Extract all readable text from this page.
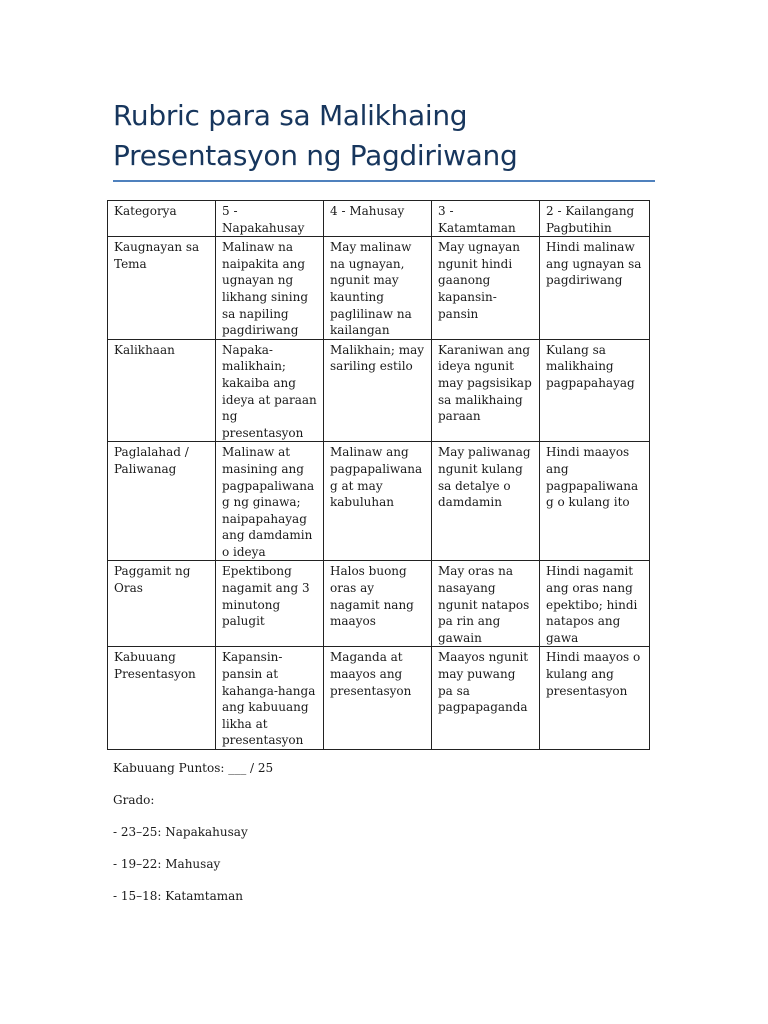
Rubric para sa Malikhaing Presentasyon ng Pagdiriwang
Kategorya	5 - Napakahusay	4 - Mahusay	3 - Katamtaman	2 - Kailangang Pagbutihin
Kaugnayan sa Tema	Malinaw na naipakita ang ugnayan ng likhang sining sa napiling pagdiriwang	May malinaw na ugnayan, ngunit may kaunting paglilinaw na kailangan	May ugnayan ngunit hindi gaanong kapansin-pansin	Hindi malinaw ang ugnayan sa pagdiriwang
Kalikhaan	Napaka-malikhain; kakaiba ang ideya at paraan ng presentasyon	Malikhain; may sariling estilo	Karaniwan ang ideya ngunit may pagsisikap sa malikhaing paraan	Kulang sa malikhaing pagpapahayag
Paglalahad / Paliwanag	Malinaw at masining ang pagpapaliwanag ng ginawa; naipapahayag ang damdamin o ideya	Malinaw ang pagpapaliwanag at may kabuluhan	May paliwanag ngunit kulang sa detalye o damdamin	Hindi maayos ang pagpapaliwanag o kulang ito
Paggamit ng Oras	Epektibong nagamit ang 3 minutong palugit	Halos buong oras ay nagamit nang maayos	May oras na nasayang ngunit natapos pa rin ang gawain	Hindi nagamit ang oras nang epektibo; hindi natapos ang gawa
Kabuuang Presentasyon	Kapansin-pansin at kahanga-hanga ang kabuuang likha at presentasyon	Maganda at maayos ang presentasyon	Maayos ngunit may puwang pa sa pagpapaganda	Hindi maayos o kulang ang presentasyon

Kabuuang Puntos: ___ / 25

Grado:

- 23–25: Napakahusay

- 19–22: Mahusay

- 15–18: Katamtaman
